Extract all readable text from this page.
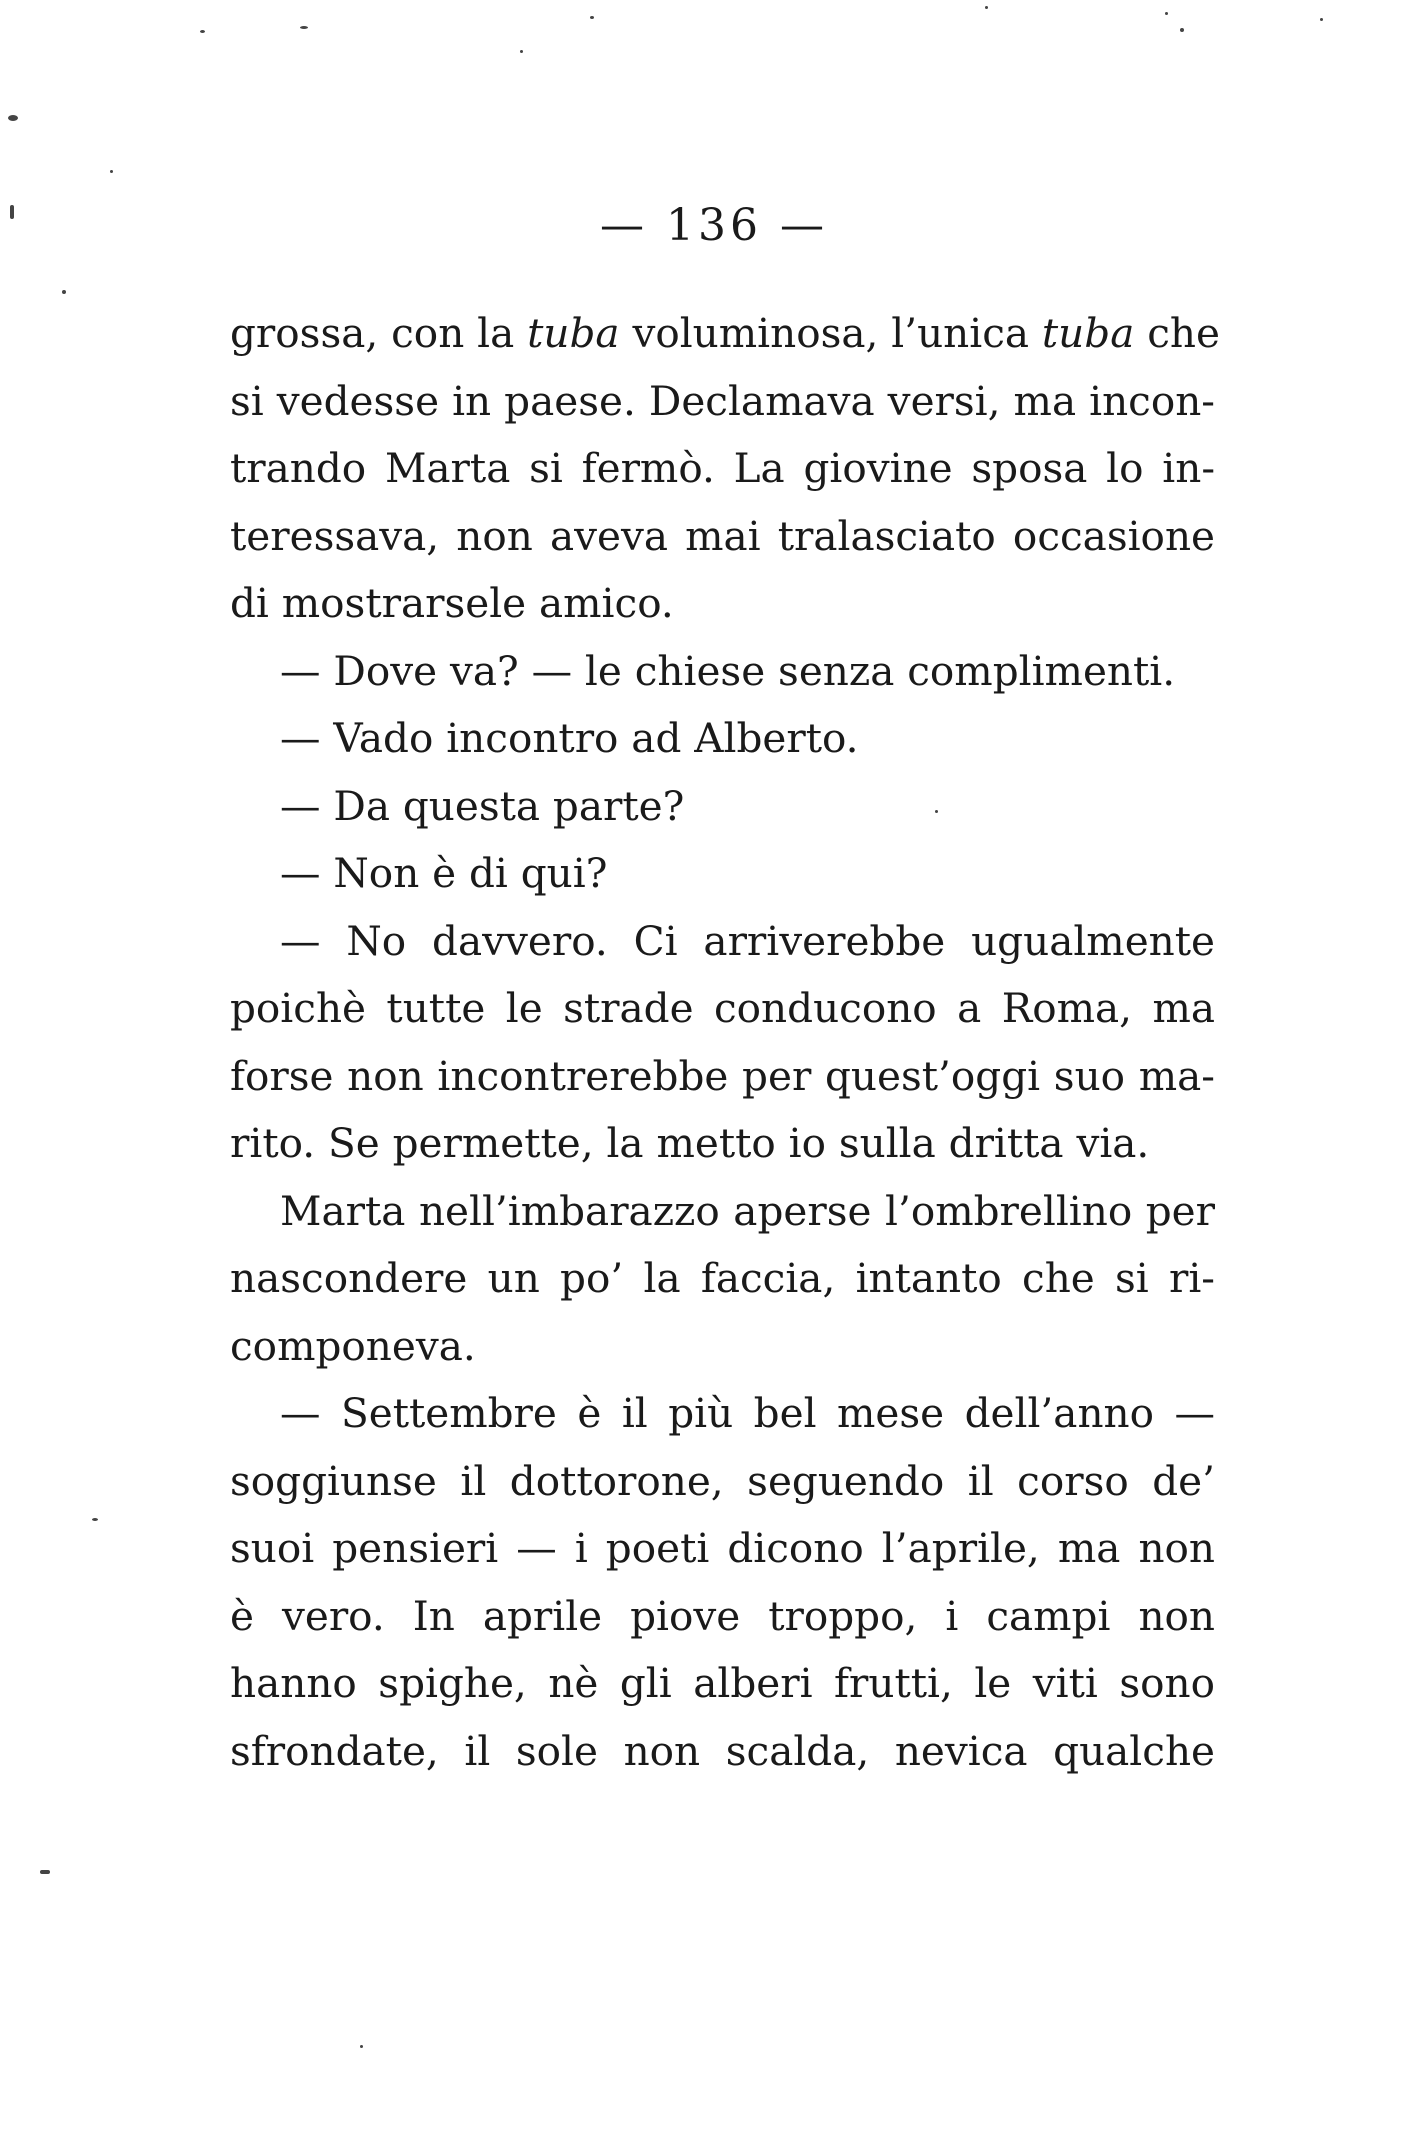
— 136 —
grossa, con la tuba voluminosa, l’unica tuba che
si vedesse in paese. Declamava versi, ma incon-
trando Marta si fermò. La giovine sposa lo in-
teressava, non aveva mai tralasciato occasione
di mostrarsele amico.
— Dove va? — le chiese senza complimenti.
— Vado incontro ad Alberto.
— Da questa parte?
— Non è di qui?
— No davvero. Ci arriverebbe ugualmente
poichè tutte le strade conducono a Roma, ma
forse non incontrerebbe per quest’oggi suo ma-
rito. Se permette, la metto io sulla dritta via.
Marta nell’imbarazzo aperse l’ombrellino per
nascondere un po’ la faccia, intanto che si ri-
componeva.
— Settembre è il più bel mese dell’anno —
soggiunse il dottorone, seguendo il corso de’
suoi pensieri — i poeti dicono l’aprile, ma non
è vero. In aprile piove troppo, i campi non
hanno spighe, nè gli alberi frutti, le viti sono
sfrondate, il sole non scalda, nevica qualche
